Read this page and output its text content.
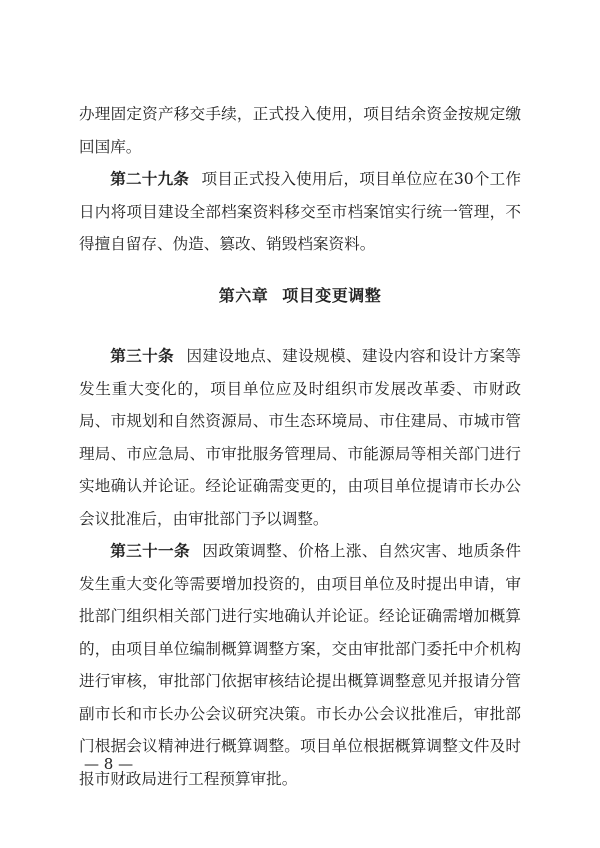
办理固定资产移交手续，正式投入使用，项目结余资金按规定缴回国库。

第二十九条 项目正式投入使用后，项目单位应在30个工作日内将项目建设全部档案资料移交至市档案馆实行统一管理，不得擅自留存、伪造、篡改、销毁档案资料。

第六章 项目变更调整

第三十条 因建设地点、建设规模、建设内容和设计方案等发生重大变化的，项目单位应及时组织市发展改革委、市财政局、市规划和自然资源局、市生态环境局、市住建局、市城市管理局、市应急局、市审批服务管理局、市能源局等相关部门进行实地确认并论证。经论证确需变更的，由项目单位提请市长办公会议批准后，由审批部门予以调整。

第三十一条 因政策调整、价格上涨、自然灾害、地质条件发生重大变化等需要增加投资的，由项目单位及时提出申请，审批部门组织相关部门进行实地确认并论证。经论证确需增加概算的，由项目单位编制概算调整方案，交由审批部门委托中介机构进行审核，审批部门依据审核结论提出概算调整意见并报请分管副市长和市长办公会议研究决策。市长办公会议批准后，审批部门根据会议精神进行概算调整。项目单位根据概算调整文件及时报市财政局进行工程预算审批。

— 8 —
